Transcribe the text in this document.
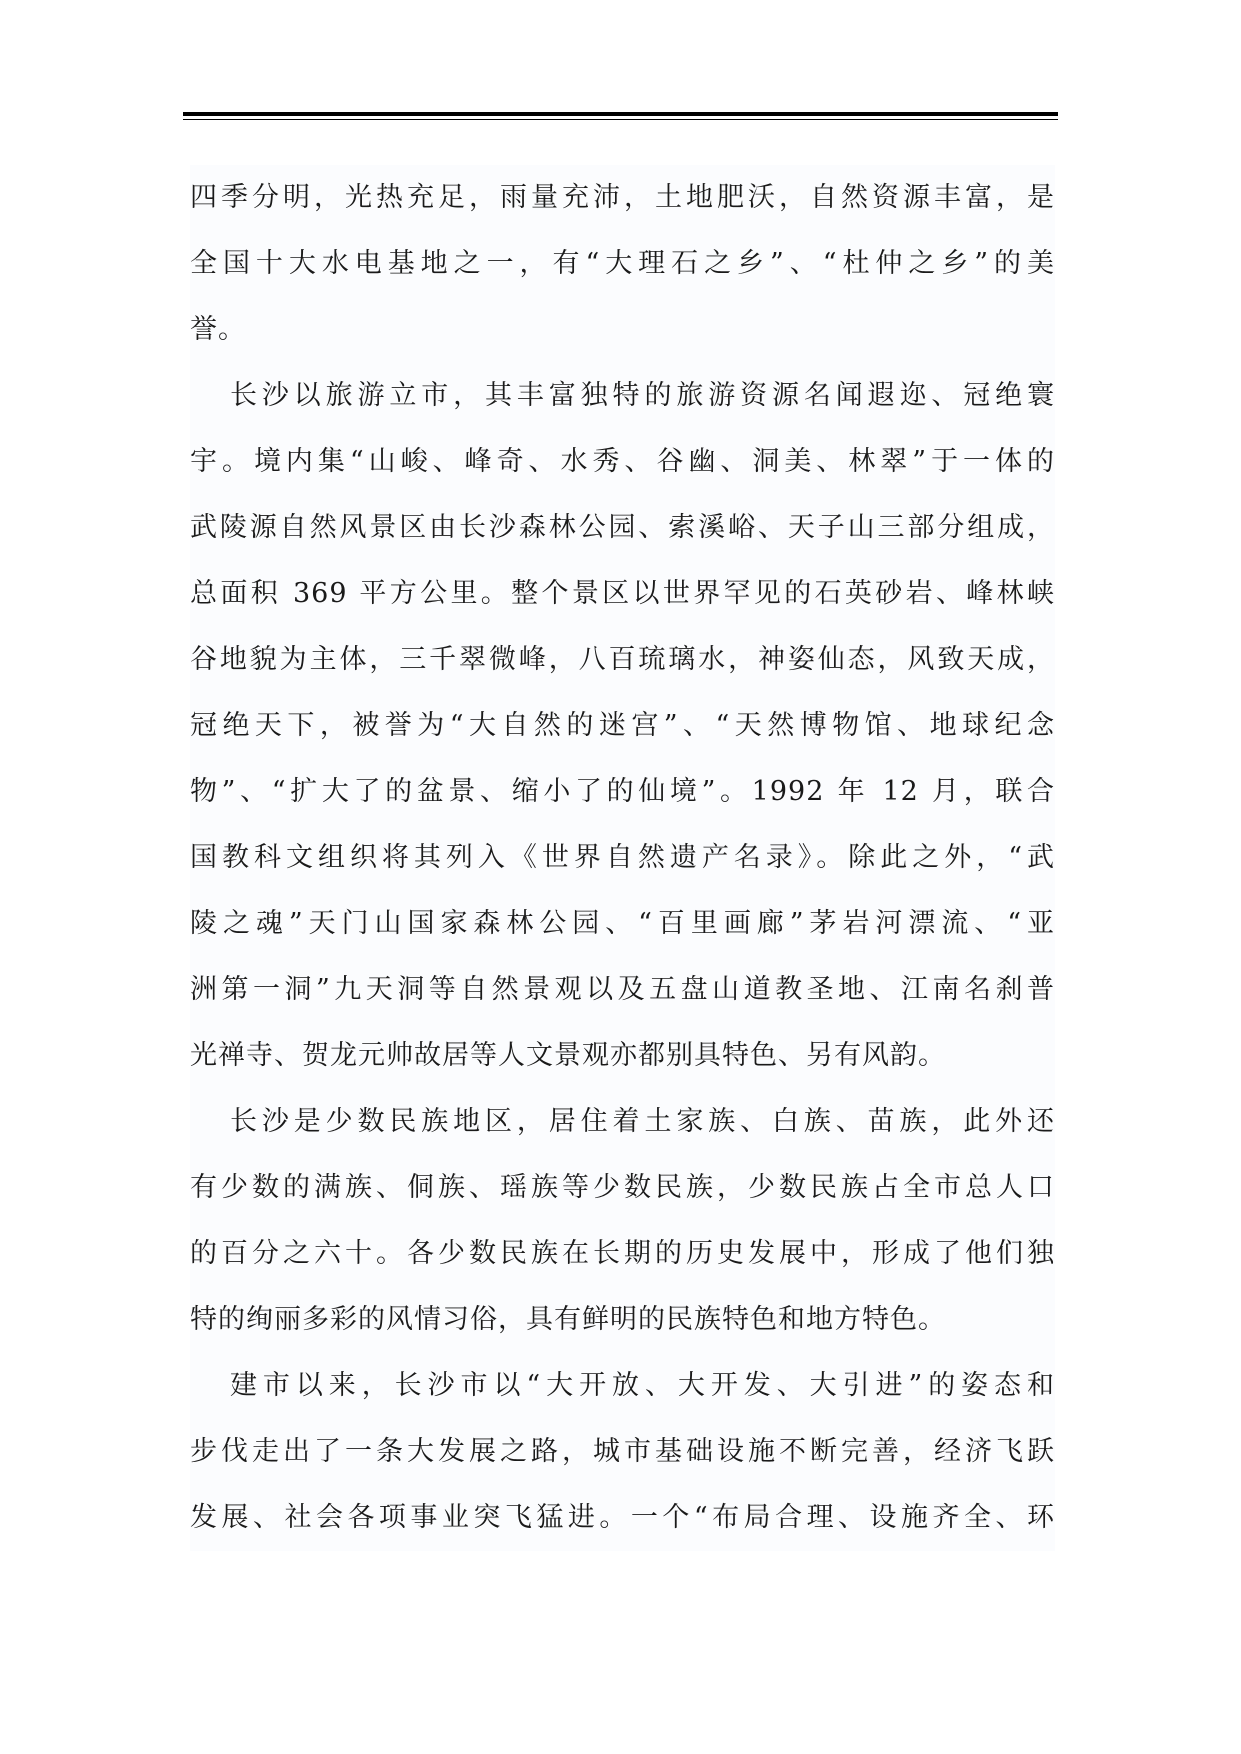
四季分明，光热充足，雨量充沛，土地肥沃，自然资源丰富，是
全国十大水电基地之一，有“大理石之乡”、“杜仲之乡”的美
誉。
长沙以旅游立市，其丰富独特的旅游资源名闻遐迩、冠绝寰
宇。境内集“山峻、峰奇、水秀、谷幽、洞美、林翠”于一体的
武陵源自然风景区由长沙森林公园、索溪峪、天子山三部分组成，
总面积 369 平方公里。整个景区以世界罕见的石英砂岩、峰林峡
谷地貌为主体，三千翠微峰，八百琉璃水，神姿仙态，风致天成，
冠绝天下，被誉为“大自然的迷宫”、“天然博物馆、地球纪念
物”、“扩大了的盆景、缩小了的仙境”。1992 年 12 月，联合
国教科文组织将其列入《世界自然遗产名录》。除此之外，“武
陵之魂”天门山国家森林公园、“百里画廊”茅岩河漂流、“亚
洲第一洞”九天洞等自然景观以及五盘山道教圣地、江南名刹普
光禅寺、贺龙元帅故居等人文景观亦都别具特色、另有风韵。
长沙是少数民族地区，居住着土家族、白族、苗族，此外还
有少数的满族、侗族、瑶族等少数民族，少数民族占全市总人口
的百分之六十。各少数民族在长期的历史发展中，形成了他们独
特的绚丽多彩的风情习俗，具有鲜明的民族特色和地方特色。
建市以来，长沙市以“大开放、大开发、大引进”的姿态和
步伐走出了一条大发展之路，城市基础设施不断完善，经济飞跃
发展、社会各项事业突飞猛进。一个“布局合理、设施齐全、环
